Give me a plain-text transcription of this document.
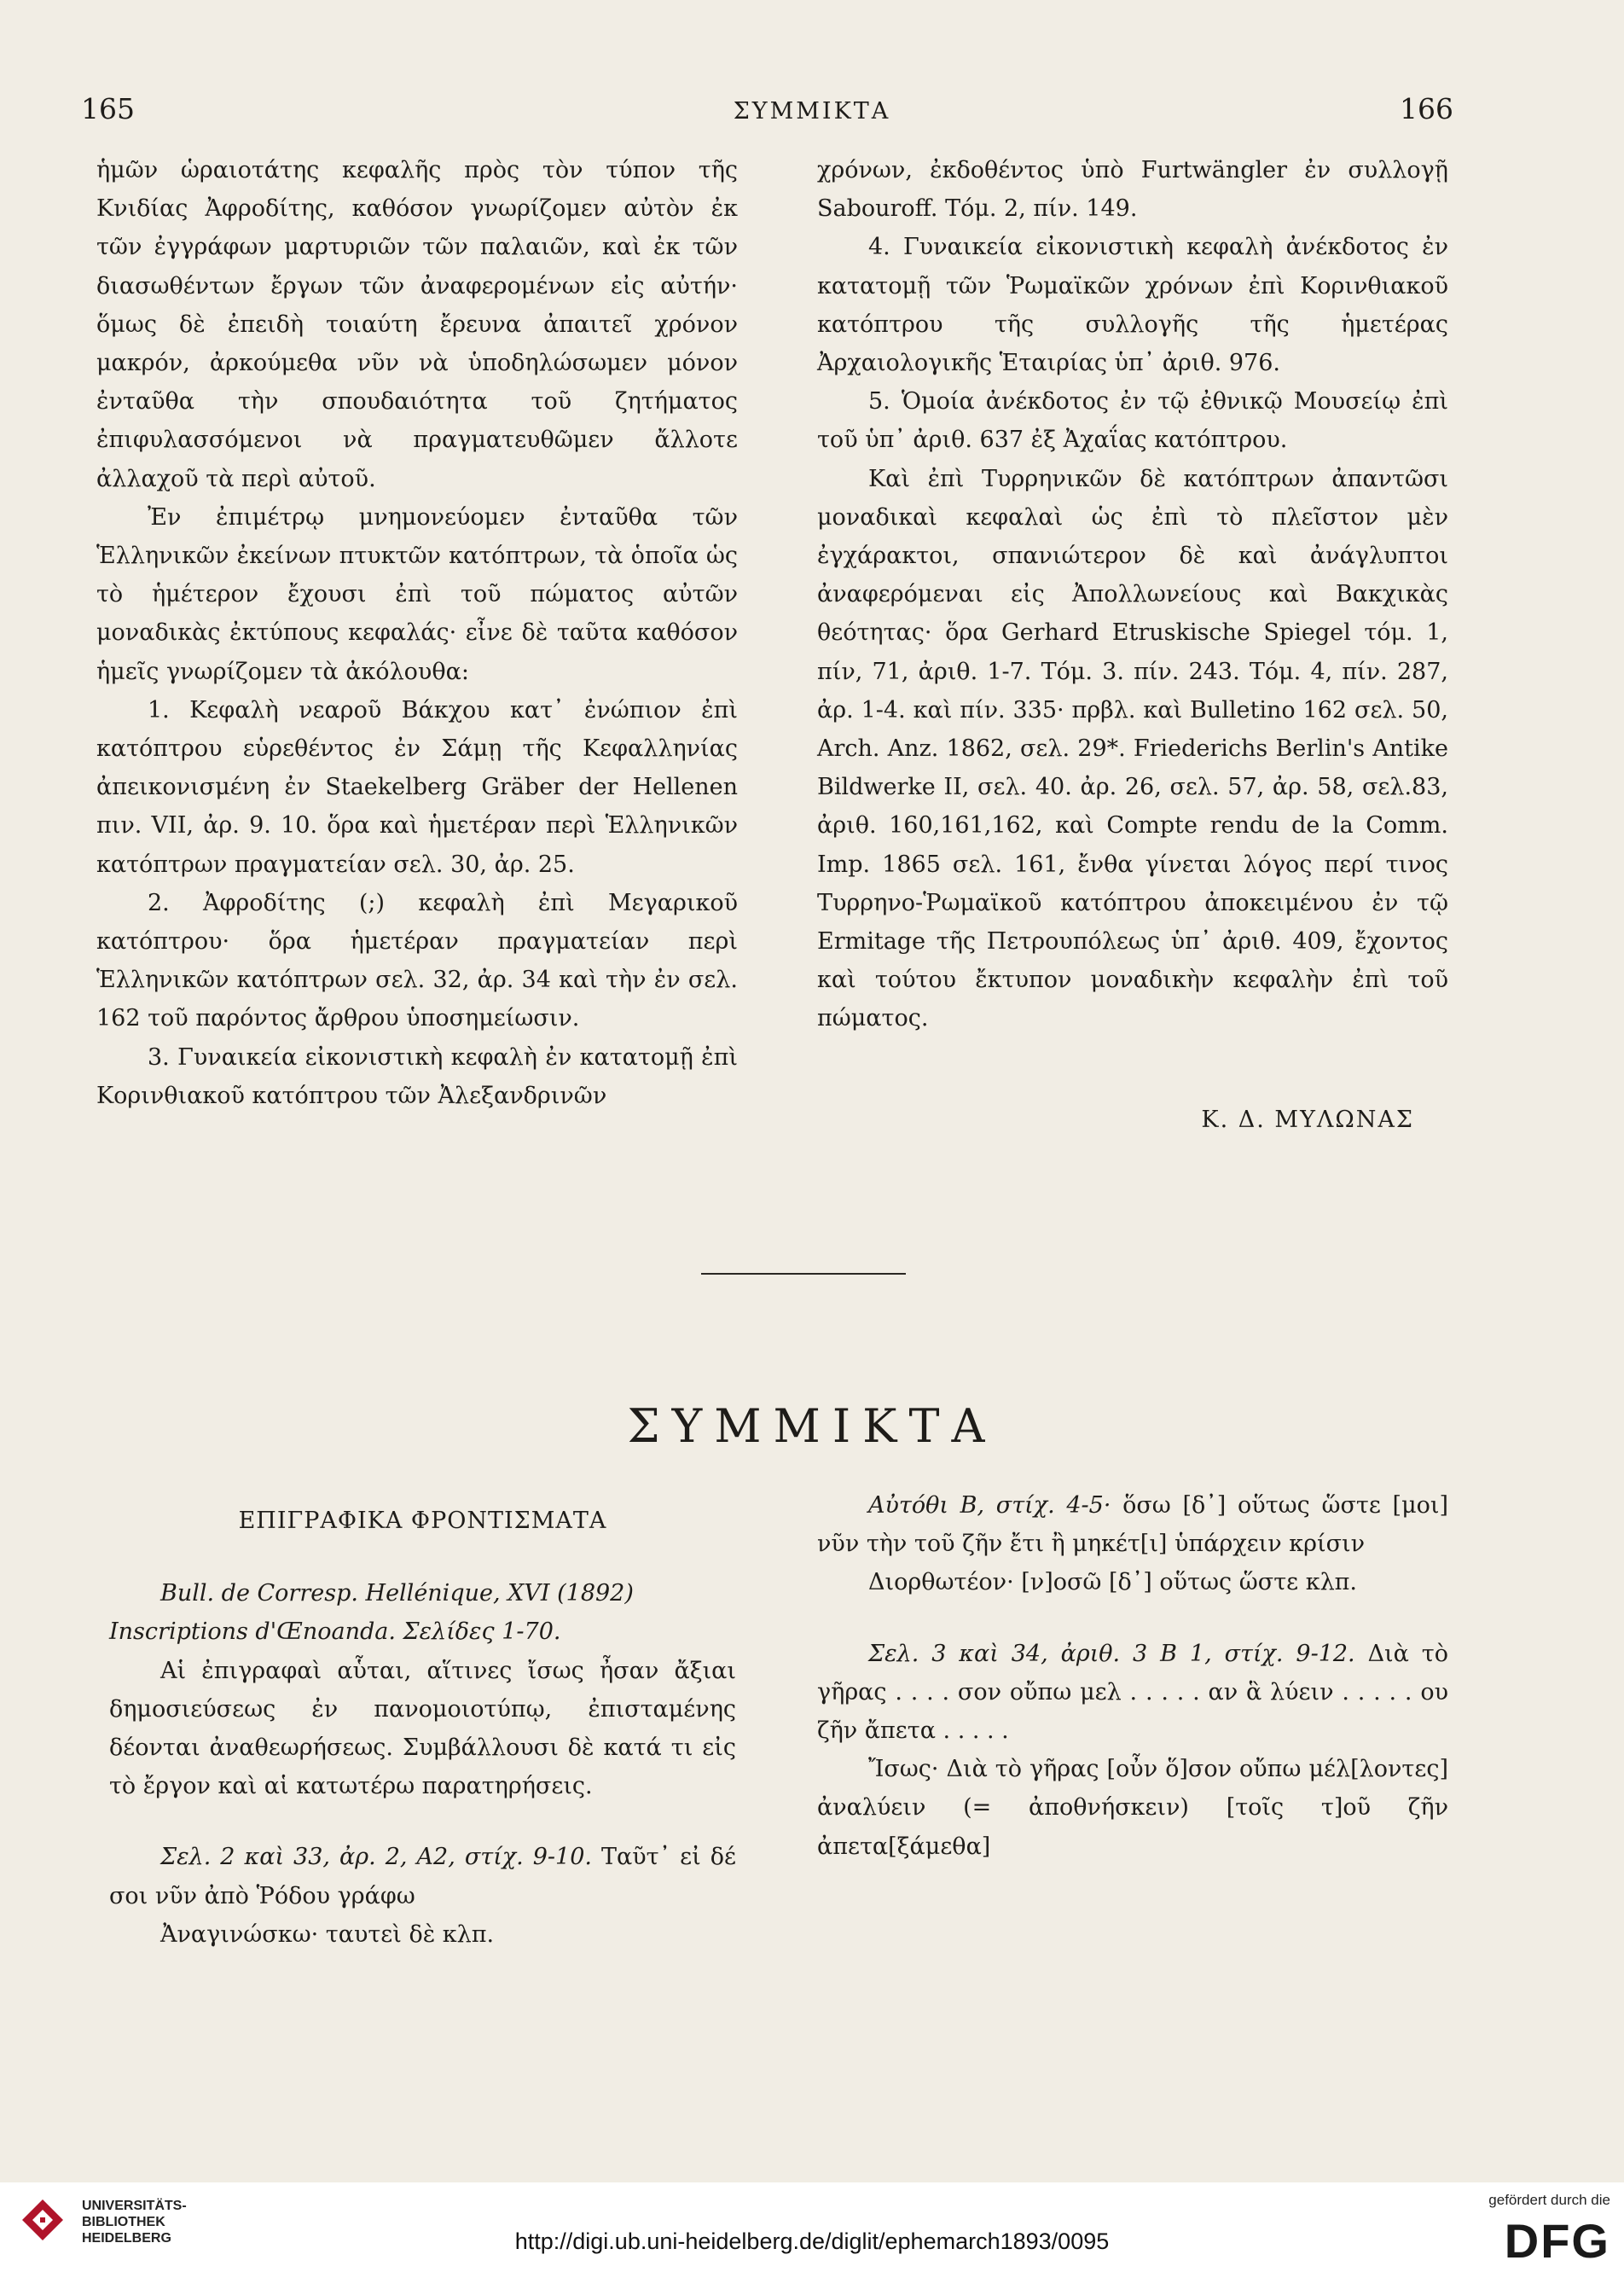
165	ΣΥΜΜΙΚΤΑ	166

ἡμῶν ὡραιοτάτης κεφαλῆς πρὸς τὸν τύπον τῆς Κνιδίας Ἀφροδίτης, καθόσον γνωρίζομεν αὐτὸν ἐκ τῶν ἐγγράφων μαρτυριῶν τῶν παλαιῶν, καὶ ἐκ τῶν διασωθέντων ἔργων τῶν ἀναφερομένων εἰς αὐτήν· ὅμως δὲ ἐπειδὴ τοιαύτη ἔρευνα ἀπαιτεῖ χρόνον μακρόν, ἀρκούμεθα νῦν νὰ ὑποδηλώσωμεν μόνον ἐνταῦθα τὴν σπουδαιότητα τοῦ ζητήματος ἐπιφυλασσόμενοι νὰ πραγματευθῶμεν ἄλλοτε ἀλλαχοῦ τὰ περὶ αὐτοῦ.

Ἐν ἐπιμέτρῳ μνημονεύομεν ἐνταῦθα τῶν Ἑλληνικῶν ἐκείνων πτυκτῶν κατόπτρων, τὰ ὁποῖα ὡς τὸ ἡμέτερον ἔχουσι ἐπὶ τοῦ πώματος αὐτῶν μοναδικὰς ἐκτύπους κεφαλάς· εἶνε δὲ ταῦτα καθόσον ἡμεῖς γνωρίζομεν τὰ ἀκόλουθα:

1. Κεφαλὴ νεαροῦ Βάκχου κατ᾽ ἐνώπιον ἐπὶ κατόπτρου εὑρεθέντος ἐν Σάμῃ τῆς Κεφαλληνίας ἀπεικονισμένη ἐν Staekelberg Gräber der Hellenen πιν. VII, ἀρ. 9. 10. ὅρα καὶ ἡμετέραν περὶ Ἑλληνικῶν κατόπτρων πραγματείαν σελ. 30, ἀρ. 25.

2. Ἀφροδίτης (;) κεφαλὴ ἐπὶ Μεγαρικοῦ κατόπτρου· ὅρα ἡμετέραν πραγματείαν περὶ Ἑλληνικῶν κατόπτρων σελ. 32, ἀρ. 34 καὶ τὴν ἐν σελ. 162 τοῦ παρόντος ἄρθρου ὑποσημείωσιν.

3. Γυναικεία εἰκονιστικὴ κεφαλὴ ἐν κατατομῇ ἐπὶ Κορινθιακοῦ κατόπτρου τῶν Ἀλεξανδρινῶν

χρόνων, ἐκδοθέντος ὑπὸ Furtwängler ἐν συλλογῇ Sabouroff. Τόμ. 2, πίν. 149.

4. Γυναικεία εἰκονιστικὴ κεφαλὴ ἀνέκδοτος ἐν κατατομῇ τῶν Ῥωμαϊκῶν χρόνων ἐπὶ Κορινθιακοῦ κατόπτρου τῆς συλλογῆς τῆς ἡμετέρας Ἀρχαιολογικῆς Ἑταιρίας ὑπ᾽ ἀριθ. 976.

5. Ὁμοία ἀνέκδοτος ἐν τῷ ἐθνικῷ Μουσείῳ ἐπὶ τοῦ ὑπ᾽ ἀριθ. 637 ἐξ Ἀχαΐας κατόπτρου.

Καὶ ἐπὶ Τυρρηνικῶν δὲ κατόπτρων ἀπαντῶσι μοναδικαὶ κεφαλαὶ ὡς ἐπὶ τὸ πλεῖστον μὲν ἐγχάρακτοι, σπανιώτερον δὲ καὶ ἀνάγλυπτοι ἀναφερόμεναι εἰς Ἀπολλωνείους καὶ Βακχικὰς θεότητας· ὅρα Gerhard Etruskische Spiegel τόμ. 1, πίν, 71, ἀριθ. 1-7. Τόμ. 3. πίν. 243. Τόμ. 4, πίν. 287, ἀρ. 1-4. καὶ πίν. 335· πρβλ. καὶ Bulletino 162 σελ. 50, Arch. Anz. 1862, σελ. 29*. Friederichs Berlin's Antike Bildwerke II, σελ. 40. ἀρ. 26, σελ. 57, ἀρ. 58, σελ.83, ἀριθ. 160,161,162, καὶ Compte rendu de la Comm. Imp. 1865 σελ. 161, ἔνθα γίνεται λόγος περί τινος Τυρρηνο-Ῥωμαϊκοῦ κατόπτρου ἀποκειμένου ἐν τῷ Ermitage τῆς Πετρουπόλεως ὑπ᾽ ἀριθ. 409, ἔχοντος καὶ τούτου ἔκτυπον μοναδικὴν κεφαλὴν ἐπὶ τοῦ πώματος.

Κ. Δ. ΜΥΛΩΝΑΣ
ΣΥΜΜΙΚΤΑ

ΕΠΙΓΡΑΦΙΚΑ ΦΡΟΝΤΙΣΜΑΤΑ

Bull. de Corresp. Hellénique, XVI (1892)

Inscriptions d'Œnoanda. Σελίδες 1-70.

Αἱ ἐπιγραφαὶ αὗται, αἵτινες ἴσως ἦσαν ἄξιαι δημοσιεύσεως ἐν πανομοιοτύπῳ, ἐπισταμένης δέονται ἀναθεωρήσεως. Συμβάλλουσι δὲ κατά τι εἰς τὸ ἔργον καὶ αἱ κατωτέρω παρατηρήσεις.

Σελ. 2 καὶ 33, ἀρ. 2, Α2, στίχ. 9-10. Ταῦτ᾽ εἰ δέ σοι νῦν ἀπὸ Ῥόδου γράφω

Ἀναγινώσκω· ταυτεὶ δὲ κλπ.

Αὐτόθι Β, στίχ. 4-5· ὅσω [δ᾽] οὕτως ὥστε [μοι] νῦν τὴν τοῦ ζῆν ἔτι ἢ μηκέτ[ι] ὑπάρχειν κρίσιν

Διορθωτέον· [ν]οσῶ [δ᾽] οὕτως ὥστε κλπ.

Σελ. 3 καὶ 34, ἀριθ. 3 Β 1, στίχ. 9-12. Διὰ τὸ γῆρας . . . . σον οὔπω μελ . . . . . αν ἃ λύειν . . . . . ου ζῆν ἄπετα . . . . .

Ἴσως· Διὰ τὸ γῆρας [οὖν ὅ]σον οὔπω μέλ[λοντες] ἀναλύειν (= ἀποθνήσκειν) [τοῖς τ]οῦ ζῆν ἀπετα[ξάμεθα]

UNIVERSITÄTS-
BIBLIOTHEK
HEIDELBERG	http://digi.ub.uni-heidelberg.de/diglit/ephemarch1893/0095
gefördert durch die
DFG
